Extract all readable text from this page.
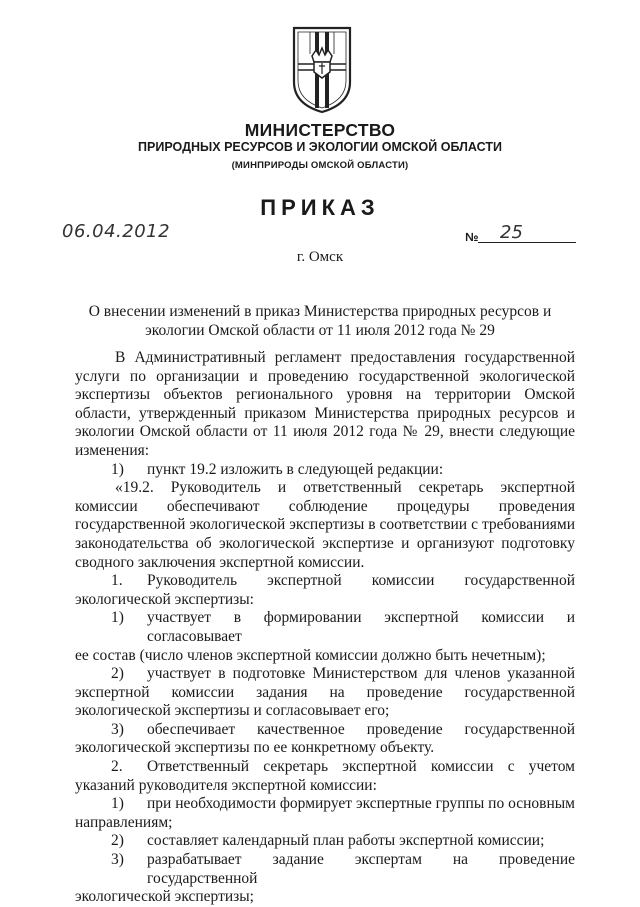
МИНИСТЕРСТВО
ПРИРОДНЫХ РЕСУРСОВ И ЭКОЛОГИИ ОМСКОЙ ОБЛАСТИ
(МИНПРИРОДЫ ОМСКОЙ ОБЛАСТИ)
ПРИКАЗ
06.04.2012	№ 25
г. Омск
О внесении изменений в приказ Министерства природных ресурсов и экологии Омской области от 11 июля 2012 года № 29

В Административный регламент предоставления государственной услуги по организации и проведению государственной экологической экспертизы объектов регионального уровня на территории Омской области, утвержденный приказом Министерства природных ресурсов и экологии Омской области от 11 июля 2012 года № 29, внести следующие изменения:

1)	пункт 19.2 изложить в следующей редакции:

«19.2. Руководитель и ответственный секретарь экспертной комиссии обеспечивают соблюдение процедуры проведения государственной экологической экспертизы в соответствии с требованиями законодательства об экологической экспертизе и организуют подготовку сводного заключения экспертной комиссии.

1.	Руководитель экспертной комиссии государственной

экологической экспертизы:

1)	участвует в формировании экспертной комиссии и согласовывает

ее состав (число членов экспертной комиссии должно быть нечетным);

2)	участвует в подготовке Министерством для членов указанной

экспертной комиссии задания на проведение государственной экологической экспертизы и согласовывает его;

3)	обеспечивает качественное проведение государственной

экологической экспертизы по ее конкретному объекту.

2.	Ответственный секретарь экспертной комиссии с учетом

указаний руководителя экспертной комиссии:

1)	при необходимости формирует экспертные группы по основным

направлениям;

2)	составляет календарный план работы экспертной комиссии;
3)	разрабатывает задание экспертам на проведение государственной

экологической экспертизы;
